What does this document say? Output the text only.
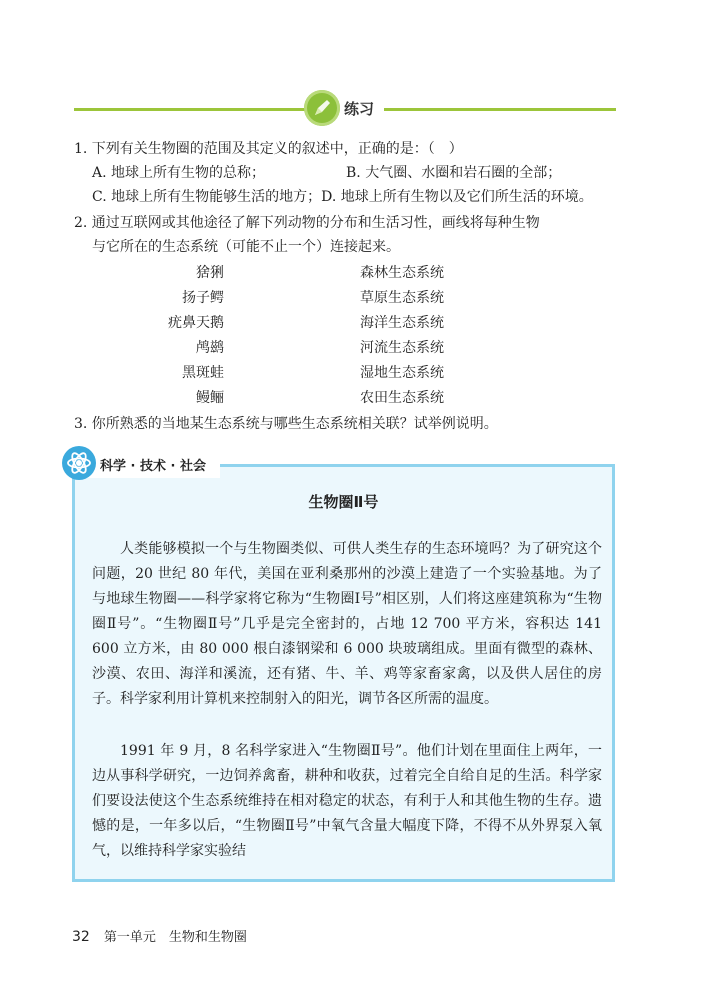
练习
1. 下列有关生物圈的范围及其定义的叙述中，正确的是：（　）
A. 地球上所有生物的总称；	B. 大气圈、水圈和岩石圈的全部；
C. 地球上所有生物能够生活的地方；D. 地球上所有生物以及它们所生活的环境。
2. 通过互联网或其他途径了解下列动物的分布和生活习性，画线将每种生物
与它所在的生态系统（可能不止一个）连接起来。
猞猁
扬子鳄
疣鼻天鹅
鸬鹚
黑斑蛙
鳗鲡
森林生态系统
草原生态系统
海洋生态系统
河流生态系统
湿地生态系统
农田生态系统
3. 你所熟悉的当地某生态系统与哪些生态系统相关联？试举例说明。
科学 · 技术 · 社会
生物圈Ⅱ号
人类能够模拟一个与生物圈类似、可供人类生存的生态环境吗？为了研究这个问题，20 世纪 80 年代，美国在亚利桑那州的沙漠上建造了一个实验基地。为了与地球生物圈——科学家将它称为“生物圈Ⅰ号”相区别，人们将这座建筑称为“生物圈Ⅱ号”。“生物圈Ⅱ号”几乎是完全密封的，占地 12 700 平方米，容积达 141 600 立方米，由 80 000 根白漆钢梁和 6 000 块玻璃组成。里面有微型的森林、沙漠、农田、海洋和溪流，还有猪、牛、羊、鸡等家畜家禽，以及供人居住的房子。科学家利用计算机来控制射入的阳光，调节各区所需的温度。
1991 年 9 月，8 名科学家进入“生物圈Ⅱ号”。他们计划在里面住上两年，一边从事科学研究，一边饲养禽畜，耕种和收获，过着完全自给自足的生活。科学家们要设法使这个生态系统维持在相对稳定的状态，有利于人和其他生物的生存。遗憾的是，一年多以后，“生物圈Ⅱ号”中氧气含量大幅度下降，不得不从外界泵入氧气，以维持科学家实验结
32 第一单元　生物和生物圈
